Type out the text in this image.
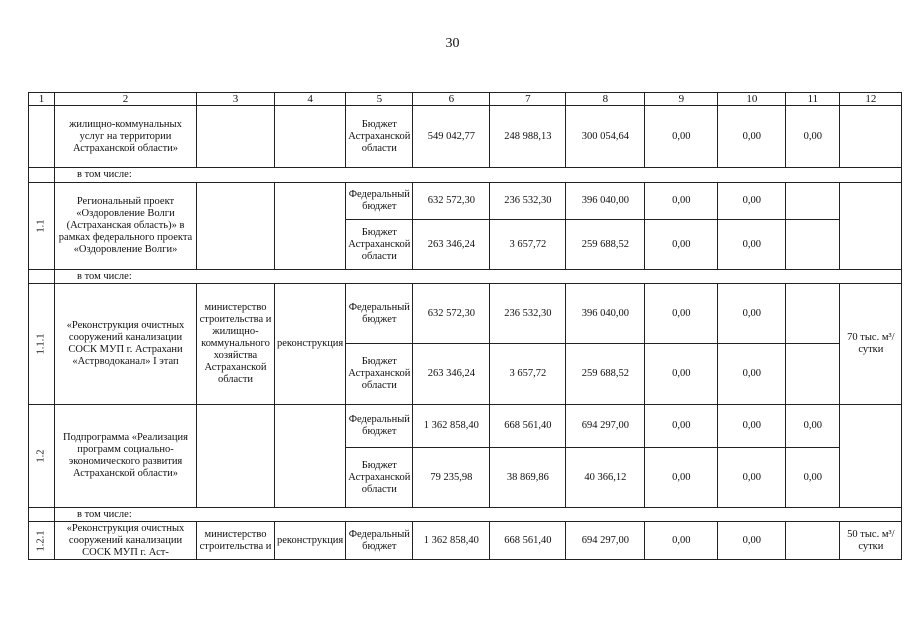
30
1	2	3	4	5	6	7	8	9	10	11	12
	жилищно-коммунальных услуг на территории Астраханской области»			Бюджет Астраханской области	549 042,77	248 988,13	300 054,64	0,00	0,00	0,00	
	в том числе:										
1.1	Региональный проект «Оздоровление Волги (Астраханская область)» в рамках федерального проекта «Оздоровление Волги»			Федеральный бюджет	632 572,30	236 532,30	396 040,00	0,00	0,00		
				Бюджет Астраханской области	263 346,24	3 657,72	259 688,52	0,00	0,00		
	в том числе:										
1.1.1	«Реконструкция очистных сооружений канализации СОСК МУП г. Астрахани «Астрводоканал» I этап	министерство строительства и жилищно-коммунального хозяйства Астраханской области	реконструкция	Федеральный бюджет	632 572,30	236 532,30	396 040,00	0,00	0,00		70 тыс. м³/сутки
				Бюджет Астраханской области	263 346,24	3 657,72	259 688,52	0,00	0,00		
1.2	Подпрограмма «Реализация программ социально-экономического развития Астраханской области»			Федеральный бюджет	1 362 858,40	668 561,40	694 297,00	0,00	0,00	0,00	
				Бюджет Астраханской области	79 235,98	38 869,86	40 366,12	0,00	0,00	0,00	
	в том числе:										
1.2.1	«Реконструкция очистных сооружений канализации СОСК МУП г. Аст-	министерство строительства и	реконструкция	Федеральный бюджет	1 362 858,40	668 561,40	694 297,00	0,00	0,00		50 тыс. м³/сутки
